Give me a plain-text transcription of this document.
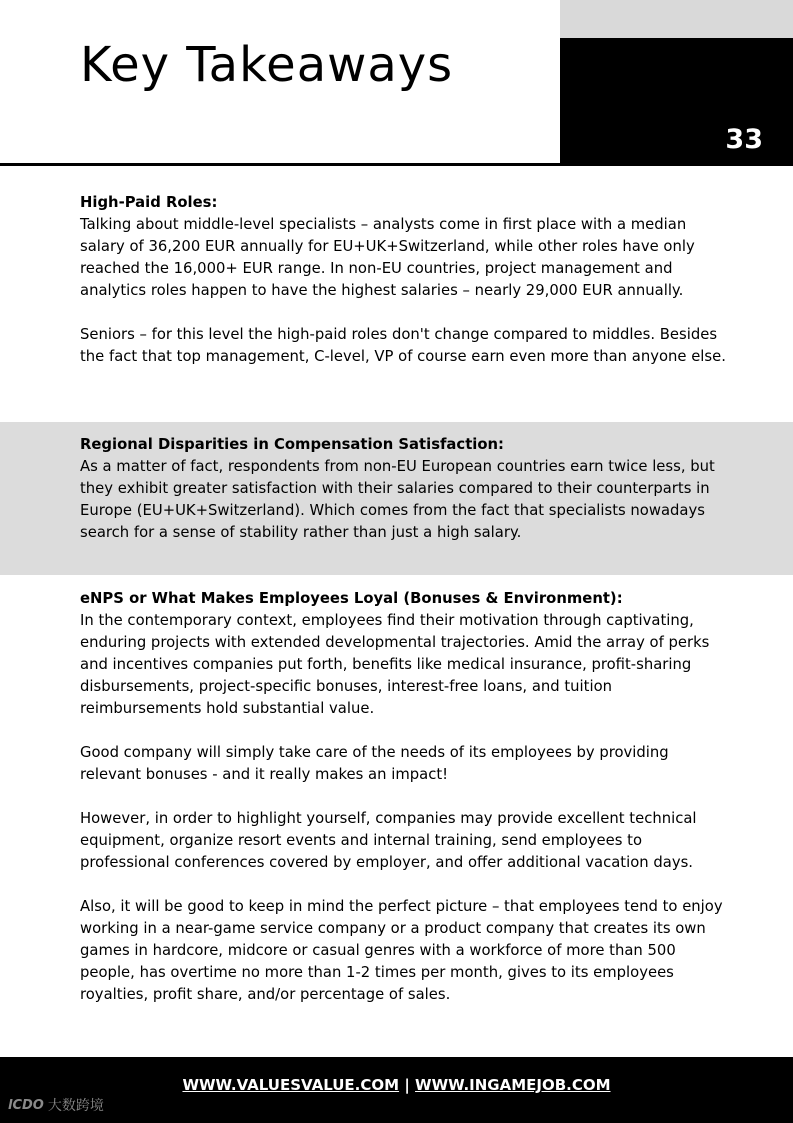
33
Key Takeaways

High-Paid Roles:

Talking about middle-level specialists – analysts come in first place with a median salary of 36,200 EUR annually for EU+UK+Switzerland, while other roles have only reached the 16,000+ EUR range. In non-EU countries, project management and analytics roles happen to have the highest salaries – nearly 29,000 EUR annually.

Seniors – for this level the high-paid roles don't change compared to middles. Besides the fact that top management, C-level, VP of course earn even more than anyone else.

Regional Disparities in Compensation Satisfaction:

As a matter of fact, respondents from non-EU European countries earn twice less, but they exhibit greater satisfaction with their salaries compared to their counterparts in Europe (EU+UK+Switzerland). Which comes from the fact that specialists nowadays search for a sense of stability rather than just a high salary.

eNPS or What Makes Employees Loyal (Bonuses & Environment):

In the contemporary context, employees find their motivation through captivating, enduring projects with extended developmental trajectories. Amid the array of perks and incentives companies put forth, benefits like medical insurance, profit-sharing disbursements, project-specific bonuses, interest-free loans, and tuition reimbursements hold substantial value.

Good company will simply take care of the needs of its employees by providing relevant bonuses - and it really makes an impact!

However, in order to highlight yourself, companies may provide excellent technical equipment, organize resort events and internal training, send employees to professional conferences covered by employer, and offer additional vacation days.

Also, it will be good to keep in mind the perfect picture – that employees tend to enjoy working in a near-game service company or a product company that creates its own games in hardcore, midcore or casual genres with a workforce of more than 500 people, has overtime no more than 1-2 times per month, gives to its employees royalties, profit share, and/or percentage of sales.

WWW.VALUESVALUE.COM | WWW.INGAMEJOB.COM
lCDO 大数跨境
